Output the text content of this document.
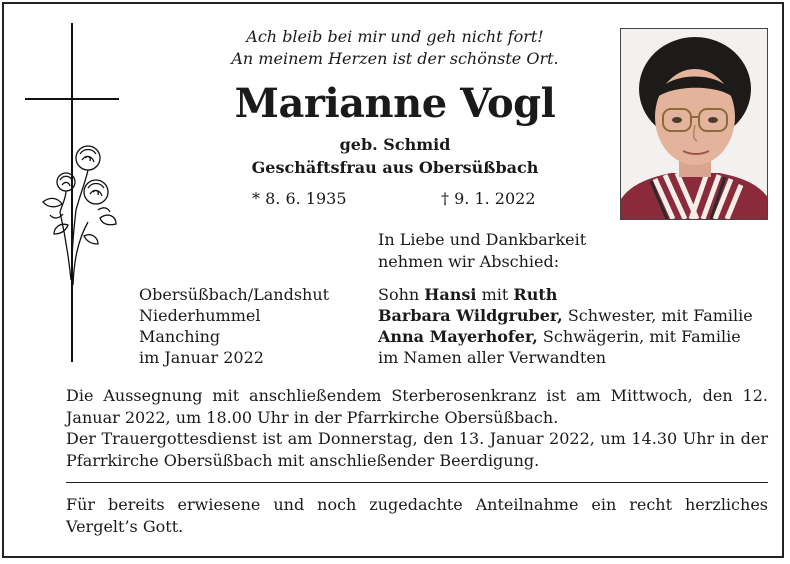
Ach bleib bei mir und geh nicht fort!
An meinem Herzen ist der schönste Ort.
Marianne Vogl
geb. Schmid
Geschäftsfrau aus Obersüßbach
* 8. 6. 1935	† 9. 1. 2022
In Liebe und Dankbarkeit
nehmen wir Abschied:
Obersüßbach/Landshut
Niederhummel
Manching
im Januar 2022
Sohn Hansi mit Ruth
Barbara Wildgruber, Schwester, mit Familie
Anna Mayerhofer, Schwägerin, mit Familie
im Namen aller Verwandten
Die Aussegnung mit anschließendem Sterberosenkranz ist am Mittwoch, den 12. Januar 2022, um 18.00 Uhr in der Pfarrkirche Obersüßbach.
Der Trauergottesdienst ist am Donnerstag, den 13. Januar 2022, um 14.30 Uhr in der Pfarrkirche Obersüßbach mit anschließender Beerdigung.
Für bereits erwiesene und noch zugedachte Anteilnahme ein recht herzliches Vergelt’s Gott.
